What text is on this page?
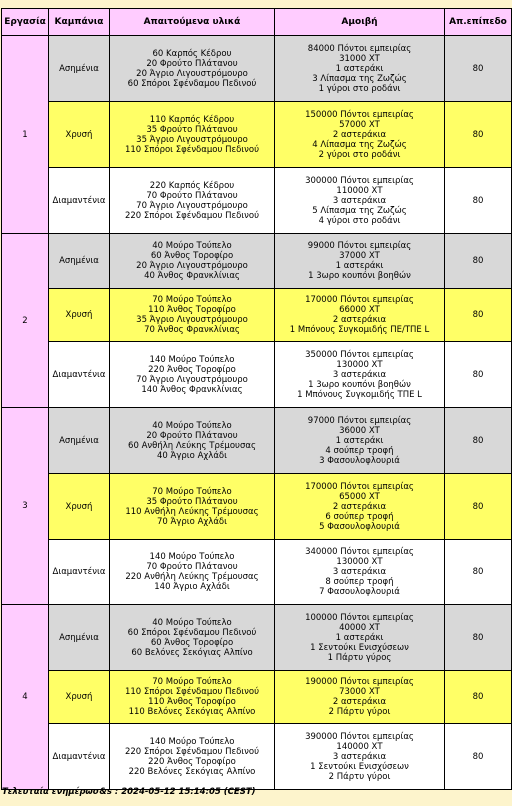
Εργασία	Καμπάνια	Απαιτούμενα υλικά	Αμοιβή	Απ.επίπεδο
1	Ασημένια	60 Καρπός Κέδρου
20 Φρούτο Πλάτανου
20 Άγριο Λιγουστρόμουρο
60 Σπόροι Σφένδαμου Πεδινού	84000 Πόντοι εμπειρίας
31000 ΧΤ
1 αστεράκι
3 Λίπασμα της Ζωζώς
1 γύροι στο ροδάνι	80
	Χρυσή	110 Καρπός Κέδρου
35 Φρούτο Πλάτανου
35 Άγριο Λιγουστρόμουρο
110 Σπόροι Σφένδαμου Πεδινού	150000 Πόντοι εμπειρίας
57000 ΧΤ
2 αστεράκια
4 Λίπασμα της Ζωζώς
2 γύροι στο ροδάνι	80
	Διαμαντένια	220 Καρπός Κέδρου
70 Φρούτο Πλάτανου
70 Άγριο Λιγουστρόμουρο
220 Σπόροι Σφένδαμου Πεδινού	300000 Πόντοι εμπειρίας
110000 ΧΤ
3 αστεράκια
5 Λίπασμα της Ζωζώς
4 γύροι στο ροδάνι	80
2	Ασημένια	40 Μούρο Τούπελο
60 Άνθος Τοροφίρο
20 Άγριο Λιγουστρόμουρο
40 Άνθος Φρανκλίνιας	99000 Πόντοι εμπειρίας
37000 ΧΤ
1 αστεράκι
1 3ωρο κουπόνι βοηθών	80
	Χρυσή	70 Μούρο Τούπελο
110 Άνθος Τοροφίρο
35 Άγριο Λιγουστρόμουρο
70 Άνθος Φρανκλίνιας	170000 Πόντοι εμπειρίας
66000 ΧΤ
2 αστεράκια
1 Μπόνους Συγκομιδής ΠΕ/ΤΠΕ L	80
	Διαμαντένια	140 Μούρο Τούπελο
220 Άνθος Τοροφίρο
70 Άγριο Λιγουστρόμουρο
140 Άνθος Φρανκλίνιας	350000 Πόντοι εμπειρίας
130000 ΧΤ
3 αστεράκια
1 3ωρο κουπόνι βοηθών
1 Μπόνους Συγκομιδής ΤΠΕ L	80
3	Ασημένια	40 Μούρο Τούπελο
20 Φρούτο Πλάτανου
60 Ανθήλη Λεύκης Τρέμουσας
40 Άγριο Αχλάδι	97000 Πόντοι εμπειρίας
36000 ΧΤ
1 αστεράκι
4 σούπερ τροφή
3 Φασουλοφλουριά	80
	Χρυσή	70 Μούρο Τούπελο
35 Φρούτο Πλάτανου
110 Ανθήλη Λεύκης Τρέμουσας
70 Άγριο Αχλάδι	170000 Πόντοι εμπειρίας
65000 ΧΤ
2 αστεράκια
6 σούπερ τροφή
5 Φασουλοφλουριά	80
	Διαμαντένια	140 Μούρο Τούπελο
70 Φρούτο Πλάτανου
220 Ανθήλη Λεύκης Τρέμουσας
140 Άγριο Αχλάδι	340000 Πόντοι εμπειρίας
130000 ΧΤ
3 αστεράκια
8 σούπερ τροφή
7 Φασουλοφλουριά	80
4	Ασημένια	40 Μούρο Τούπελο
60 Σπόροι Σφένδαμου Πεδινού
60 Άνθος Τοροφίρο
60 Βελόνες Σεκόγιας Αλπίνο	100000 Πόντοι εμπειρίας
40000 ΧΤ
1 αστεράκι
1 Σεντούκι Ενισχύσεων
1 Πάρτυ γύρος	80
	Χρυσή	70 Μούρο Τούπελο
110 Σπόροι Σφένδαμου Πεδινού
110 Άνθος Τοροφίρο
110 Βελόνες Σεκόγιας Αλπίνο	190000 Πόντοι εμπειρίας
73000 ΧΤ
2 αστεράκια
2 Πάρτυ γύροι	80
	Διαμαντένια	140 Μούρο Τούπελο
220 Σπόροι Σφένδαμου Πεδινού
220 Άνθος Τοροφίρο
220 Βελόνες Σεκόγιας Αλπίνο	390000 Πόντοι εμπειρίας
140000 ΧΤ
3 αστεράκια
1 Σεντούκι Ενισχύσεων
2 Πάρτυ γύροι	80
Τελευταία ενημέρωσ&s : 2024-05-12 15:14:05 (CEST)
